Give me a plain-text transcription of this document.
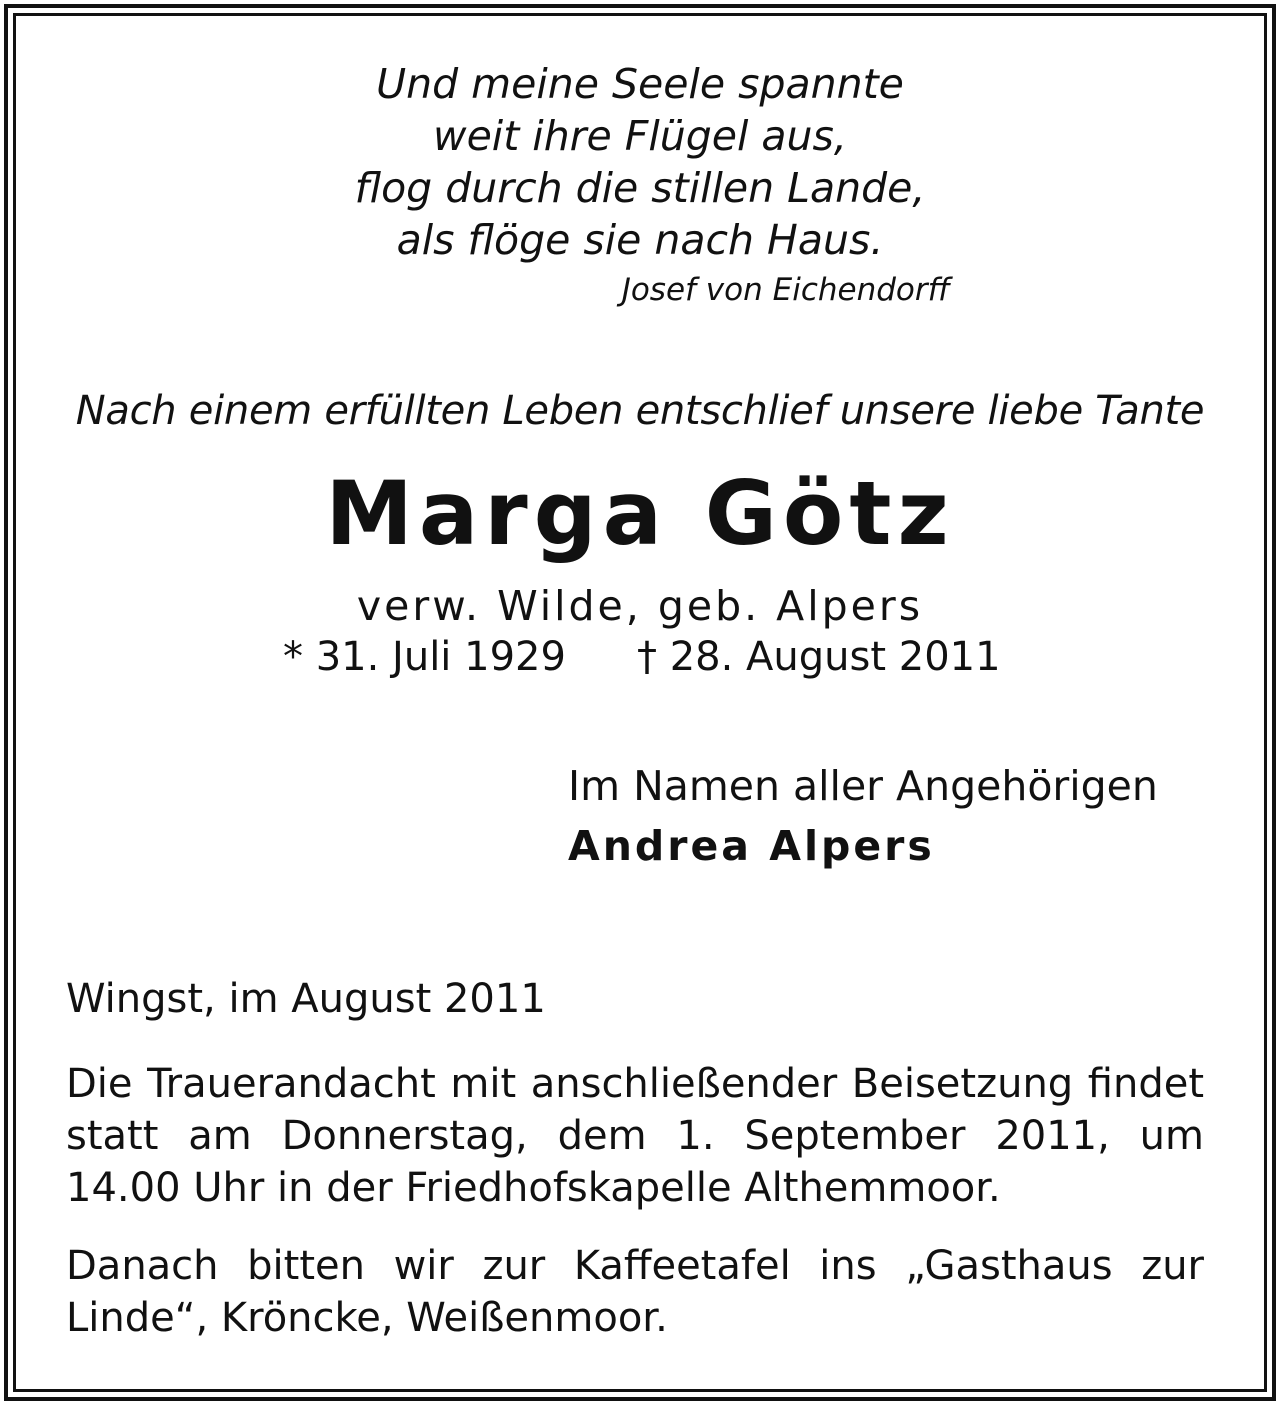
Und meine Seele spannte
weit ihre Flügel aus,
flog durch die stillen Lande,
als flöge sie nach Haus.
Josef von Eichendorff
Nach einem erfüllten Leben entschlief unsere liebe Tante
Marga Götz
verw. Wilde, geb. Alpers
* 31. Juli 1929 † 28. August 2011
Im Namen aller Angehörigen
Andrea Alpers
Wingst, im August 2011
Die Trauerandacht mit anschließender Beisetzung findet statt am Donnerstag, dem 1. September 2011, um 14.00 Uhr in der Friedhofskapelle Althemmoor.
Danach bitten wir zur Kaffeetafel ins „Gasthaus zur Linde“, Kröncke, Weißenmoor.
